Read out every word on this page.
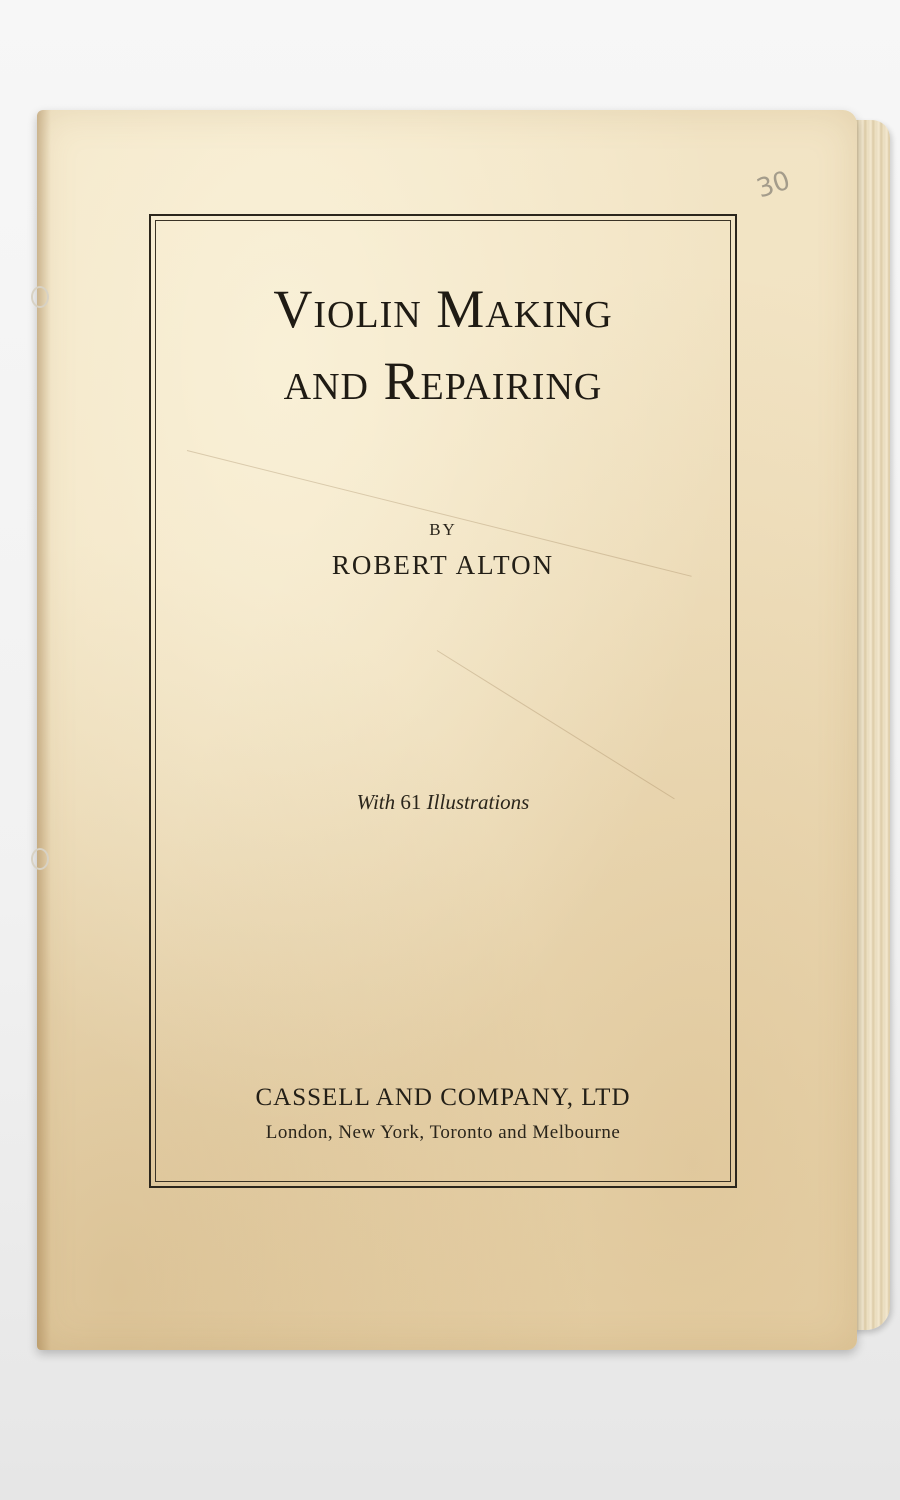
30
Violin Making
and Repairing
BY
ROBERT ALTON
With 61 Illustrations
CASSELL AND COMPANY, LTD
London, New York, Toronto and Melbourne
